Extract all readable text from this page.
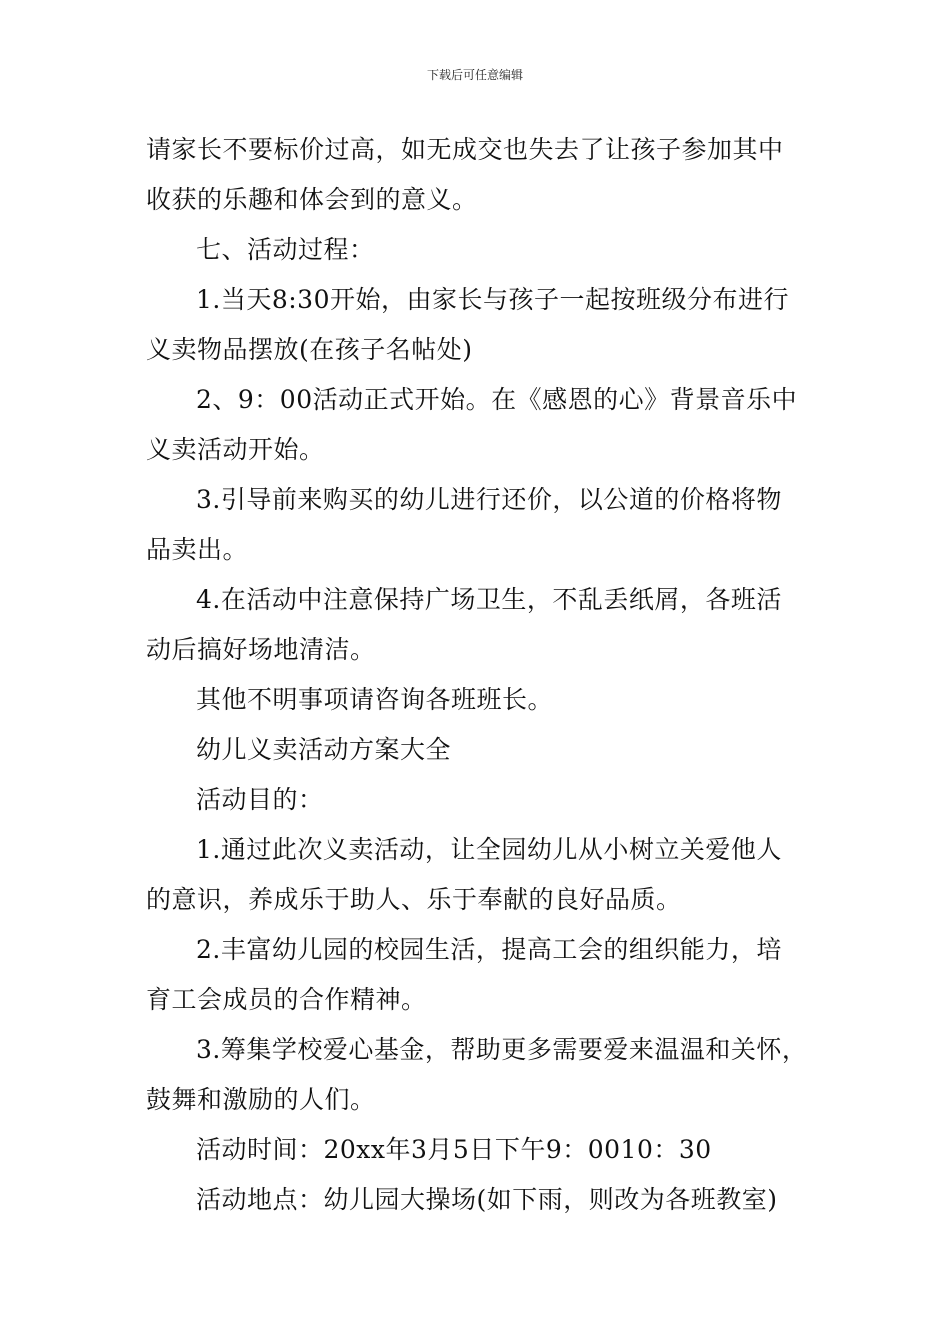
下载后可任意编辑
请家长不要标价过高，如无成交也失去了让孩子参加其中
收获的乐趣和体会到的意义。
七、活动过程：
1.当天8:30开始，由家长与孩子一起按班级分布进行
义卖物品摆放(在孩子名帖处)
2、9：00活动正式开始。在《感恩的心》背景音乐中
义卖活动开始。
3.引导前来购买的幼儿进行还价，以公道的价格将物
品卖出。
4.在活动中注意保持广场卫生，不乱丢纸屑，各班活
动后搞好场地清洁。
其他不明事项请咨询各班班长。
幼儿义卖活动方案大全
活动目的：
1.通过此次义卖活动，让全园幼儿从小树立关爱他人
的意识，养成乐于助人、乐于奉献的良好品质。
2.丰富幼儿园的校园生活，提高工会的组织能力，培
育工会成员的合作精神。
3.筹集学校爱心基金，帮助更多需要爱来温温和关怀，
鼓舞和激励的人们。
活动时间：20xx年3月5日下午9：0010：30
活动地点：幼儿园大操场(如下雨，则改为各班教室)
